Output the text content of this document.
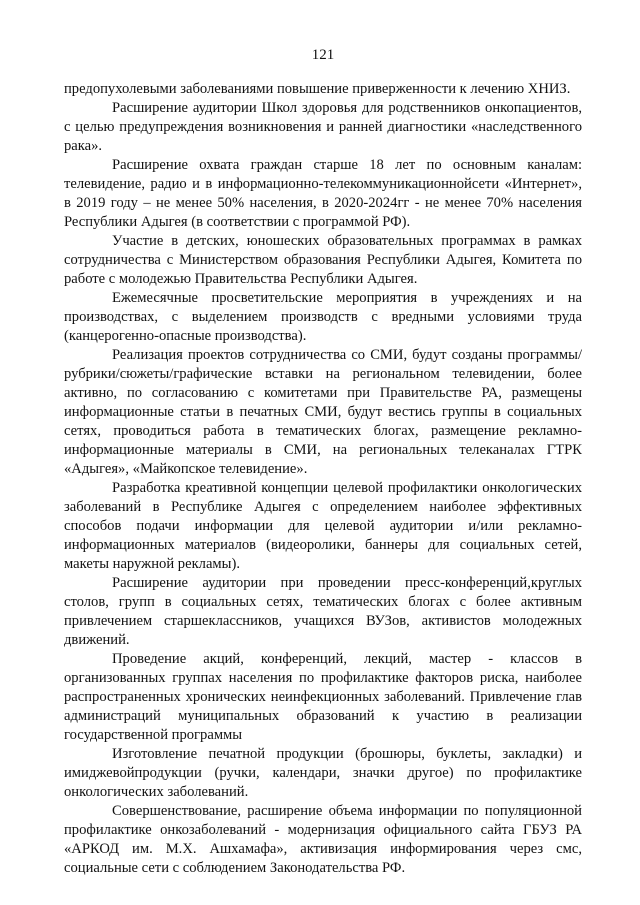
121

предопухолевыми заболеваниями повышение приверженности к лечению ХНИЗ.

Расширение аудитории Школ здоровья для родственников онкопациентов, с целью предупреждения возникновения и ранней диагностики «наследственного рака».

Расширение охвата граждан старше 18 лет по основным каналам: телевидение, радио и в информационно-телекоммуникационнойсети «Интернет», в 2019 году – не менее 50% населения, в 2020-2024гг - не менее 70% населения Республики Адыгея (в соответствии с программой РФ).

Участие в детских, юношеских образовательных программах в рамках сотрудничества с Министерством образования Республики Адыгея, Комитета по работе с молодежью Правительства Республики Адыгея.

Ежемесячные просветительские мероприятия в учреждениях и на производствах, с выделением производств с вредными условиями труда (канцерогенно-опасные производства).

Реализация проектов сотрудничества со СМИ, будут созданы программы/рубрики/сюжеты/графические вставки на региональном телевидении, более активно, по согласованию с комитетами при Правительстве РА, размещены информационные статьи в печатных СМИ, будут вестись группы в социальных сетях, проводиться работа в тематических блогах, размещение рекламно-информационные материалы в СМИ, на региональных телеканалах ГТРК «Адыгея», «Майкопское телевидение».

Разработка креативной концепции целевой профилактики онкологических заболеваний в Республике Адыгея с определением наиболее эффективных способов подачи информации для целевой аудитории и/или рекламно-информационных материалов (видеоролики, баннеры для социальных сетей, макеты наружной рекламы).

Расширение аудитории при проведении пресс-конференций,круглых столов, групп в социальных сетях, тематических блогах с более активным привлечением старшеклассников, учащихся ВУЗов, активистов молодежных движений.

Проведение акций, конференций, лекций, мастер - классов в организованных группах населения по профилактике факторов риска, наиболее распространенных хронических неинфекционных заболеваний. Привлечение глав администраций муниципальных образований к участию в реализации государственной программы

Изготовление печатной продукции (брошюры, буклеты, закладки) и имиджевойпродукции (ручки, календари, значки другое) по профилактике онкологических заболеваний.

Совершенствование, расширение объема информации по популяционной профилактике онкозаболеваний - модернизация официального сайта ГБУЗ РА «АРКОД им. М.Х. Ашхамафа», активизация информирования через смс, социальные сети с соблюдением Законодательства РФ.
